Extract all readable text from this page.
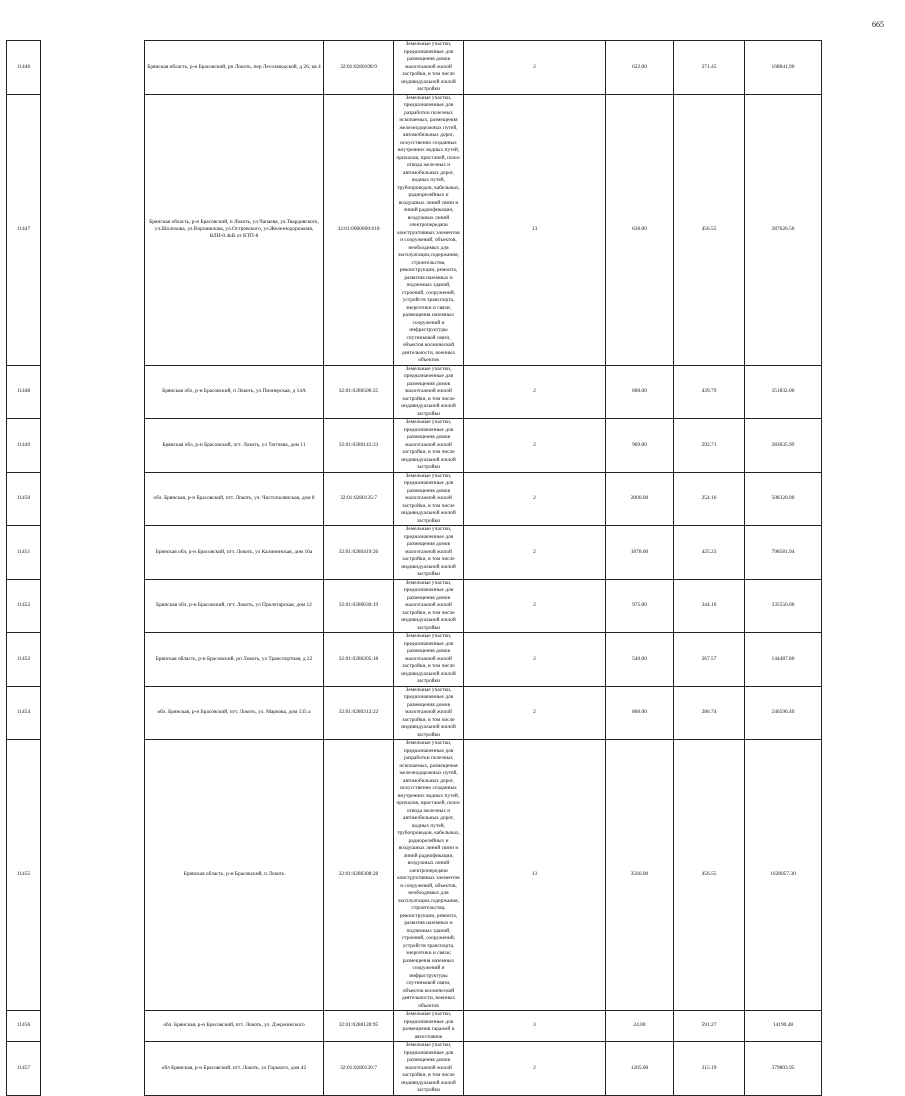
665
11446		Брянская область, р-н Брасовский, рп Локоть, пер Лесозаводской, д 26, кв 4	32:01:0280108:9	Земельные участки, предназначенные для размещения домов малоэтажной жилой застройки, в том числе индивидуальной жилой застройки	2	622.00	271.45	168841.90
11447		Брянская область, р-н Брасовский, п Локоть, ул.Чапаева, ул.Твардовского, ул.Шолохова, ул.Ворошилова, ул.Островского, ул.Железнодорожная, ВЛИ-0.4кВ от КТП-8	32:01:0000000:618	Земельные участки, предназначенные для разработки полезных ископаемых, размещения железнодорожных путей, автомобильных дорог, искусственно созданных внутренних водных путей, причалов, пристаней, полос отвода железных и автомобильных дорог, водных путей, трубопроводов, кабельных, радиорелейных и воздушных линий связи и линий радиофикации, воздушных линий электропередачи конструктивных элементов и сооружений, объектов, необходимых для эксплуатации,содержания, строительства, реконструкции, ремонта, развития наземных и подземных зданий, строений, сооружений, устройств транспорта, энергетики и связи; размещения наземных сооружений и инфраструктуры спутниковой связи, объектов космической деятельности, военных объектов	13	630.00	456.55	287626.50
11448		Брянская обл, р-н Брасовский, п Локоть, ул Пионерская, д 14А	32:01:0280506:25	Земельные участки, предназначенные для размещения домов малоэтажной жилой застройки, в том числе индивидуальной жилой застройки	2	800.00	439.79	351832.00
11449		Брянская обл, р-н Брасовский, пгт. Локоть, ул Тютчева, дом 11	32:01:0280143:33	Земельные участки, предназначенные для размещения домов малоэтажной жилой застройки, в том числе индивидуальной жилой застройки	2	969.00	292.71	283635.99
11450		обл. Брянская, р-н Брасовский, пгт. Локоть, ул. Чистополянская, дом 8	32:01:0280135:7	Земельные участки, предназначенные для размещения домов малоэтажной жилой застройки, в том числе индивидуальной жилой застройки	2	2000.00	254.16	508320.00
11451		Брянская обл, р-н Брасовский, пгт. Локоть, ул Калининская, дом 16а	32:01:0280419:26	Земельные участки, предназначенные для размещения домов малоэтажной жилой застройки, в том числе индивидуальной жилой застройки	2	1878.00	425.23	798581.94
11452		Брянская обл, р-н Брасовский, пгт. Локоть, ул Пролетарская, дом 12	32:01:0280630:19	Земельные участки, предназначенные для размещения домов малоэтажной жилой застройки, в том числе индивидуальной жилой застройки	2	975.00	344.16	335556.00
11453		Брянская область, р-н Брасовский, рп Локоть, ул Транспортная, д 22	32:01:0280205:18	Земельные участки, предназначенные для размещения домов малоэтажной жилой застройки, в том числе индивидуальной жилой застройки	2	540.00	267.57	144487.80
11454		обл. Брянская, р-н Брасовский, пгт. Локоть, ул. Маркова, дом 135 а	32:01:0280312:22	Земельные участки, предназначенные для размещения домов малоэтажной жилой застройки, в том числе индивидуальной жилой застройки	2	860.00	286.74	246596.40
11455		Брянская область, р-н Брасовский, п Локоть	32:01:0280308:28	Земельные участки, предназначенные для разработки полезных ископаемых, размещения железнодорожных путей, автомобильных дорог, искусственно созданных внутренних водных путей, причалов, пристаней, полос отвода железных и автомобильных дорог, водных путей, трубопроводов, кабельных, радиорелейных и воздушных линий связи и линий радиофикации, воздушных линий электропередачи конструктивных элементов и сооружений, объектов, необходимых для эксплуатации,содержания, строительства, реконструкции, ремонта, развития наземных и подземных зданий, строений, сооружений, устройств транспорта, энергетики и связи; размещения наземных сооружений и инфраструктуры спутниковой связи, объектов космической деятельности, военных объектов	13	3566.00	456.55	1628057.30
11456		обл. Брянская, р-н Брасовский, пгт. Локоть, ул. Дзержинского	32:01:0280128:95	Земельные участки, предназначенные для размещения гаражей и автостоянок	3	24.00	591.27	14190.48
11457		обл Брянская, р-н Брасовский, пгт. Локоть, ул Горького, дом 42	32:01:0280120:7	Земельные участки, предназначенные для размещения домов малоэтажной жилой застройки, в том числе индивидуальной жилой застройки	2	1205.00	315.19	379803.95
